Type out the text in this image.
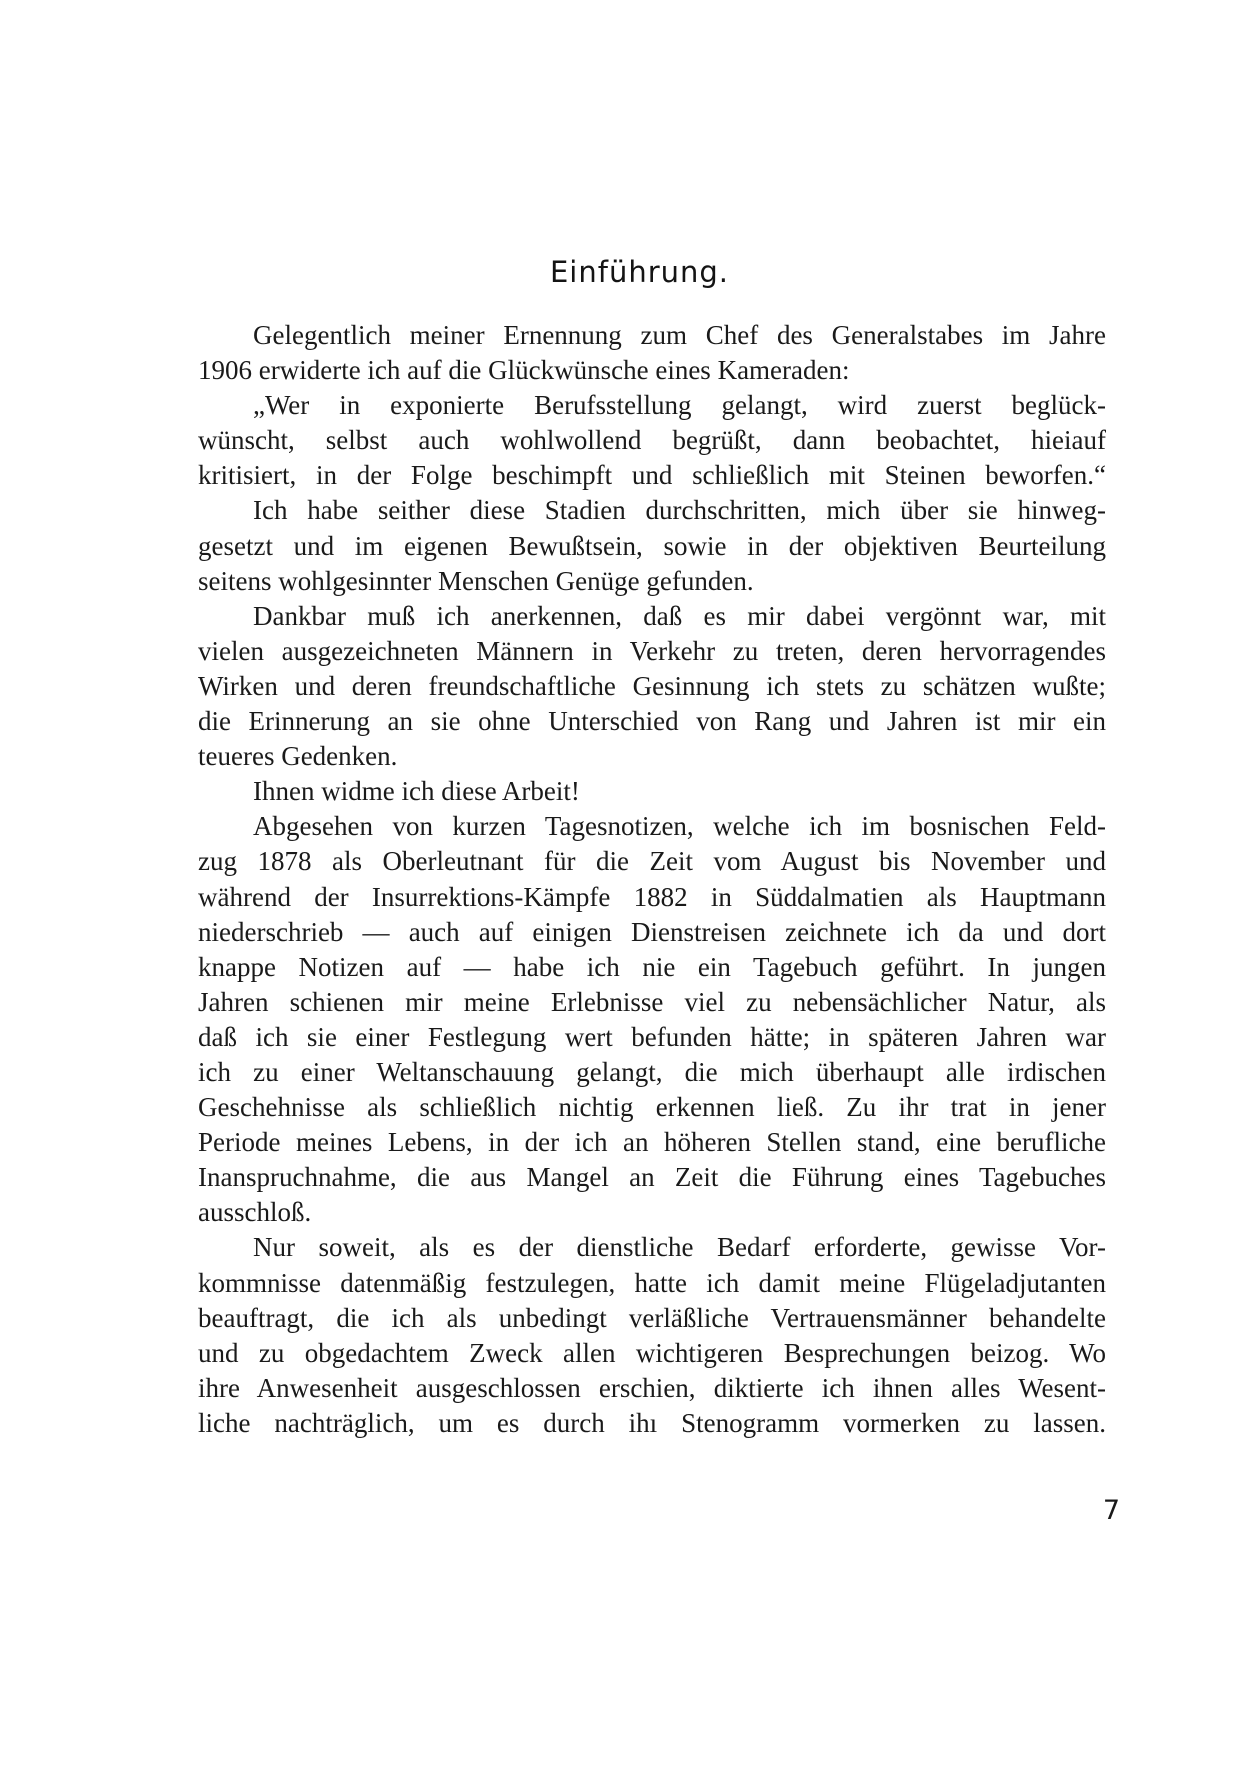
Einführung.
Gelegentlich meiner Ernennung zum Chef des Generalstabes im Jahre
1906 erwiderte ich auf die Glückwünsche eines Kameraden:
„Wer in exponierte Berufsstellung gelangt, wird zuerst beglück-
wünscht, selbst auch wohlwollend begrüßt, dann beobachtet, hieiauf
kritisiert, in der Folge beschimpft und schließlich mit Steinen beworfen.“
Ich habe seither diese Stadien durchschritten, mich über sie hinweg-
gesetzt und im eigenen Bewußtsein, sowie in der objektiven Beurteilung
seitens wohlgesinnter Menschen Genüge gefunden.
Dankbar muß ich anerkennen, daß es mir dabei vergönnt war, mit
vielen ausgezeichneten Männern in Verkehr zu treten, deren hervorragendes
Wirken und deren freundschaftliche Gesinnung ich stets zu schätzen wußte;
die Erinnerung an sie ohne Unterschied von Rang und Jahren ist mir ein
teueres Gedenken.
Ihnen widme ich diese Arbeit!
Abgesehen von kurzen Tagesnotizen, welche ich im bosnischen Feld-
zug 1878 als Oberleutnant für die Zeit vom August bis November und
während der Insurrektions-Kämpfe 1882 in Süddalmatien als Hauptmann
niederschrieb — auch auf einigen Dienstreisen zeichnete ich da und dort
knappe Notizen auf — habe ich nie ein Tagebuch geführt. In jungen
Jahren schienen mir meine Erlebnisse viel zu nebensächlicher Natur, als
daß ich sie einer Festlegung wert befunden hätte; in späteren Jahren war
ich zu einer Weltanschauung gelangt, die mich überhaupt alle irdischen
Geschehnisse als schließlich nichtig erkennen ließ. Zu ihr trat in jener
Periode meines Lebens, in der ich an höheren Stellen stand, eine berufliche
Inanspruchnahme, die aus Mangel an Zeit die Führung eines Tagebuches
ausschloß.
Nur soweit, als es der dienstliche Bedarf erforderte, gewisse Vor-
kommnisse datenmäßig festzulegen, hatte ich damit meine Flügeladjutanten
beauftragt, die ich als unbedingt verläßliche Vertrauensmänner behandelte
und zu obgedachtem Zweck allen wichtigeren Besprechungen beizog. Wo
ihre Anwesenheit ausgeschlossen erschien, diktierte ich ihnen alles Wesent-
liche nachträglich, um es durch ihı Stenogramm vormerken zu lassen.
7
